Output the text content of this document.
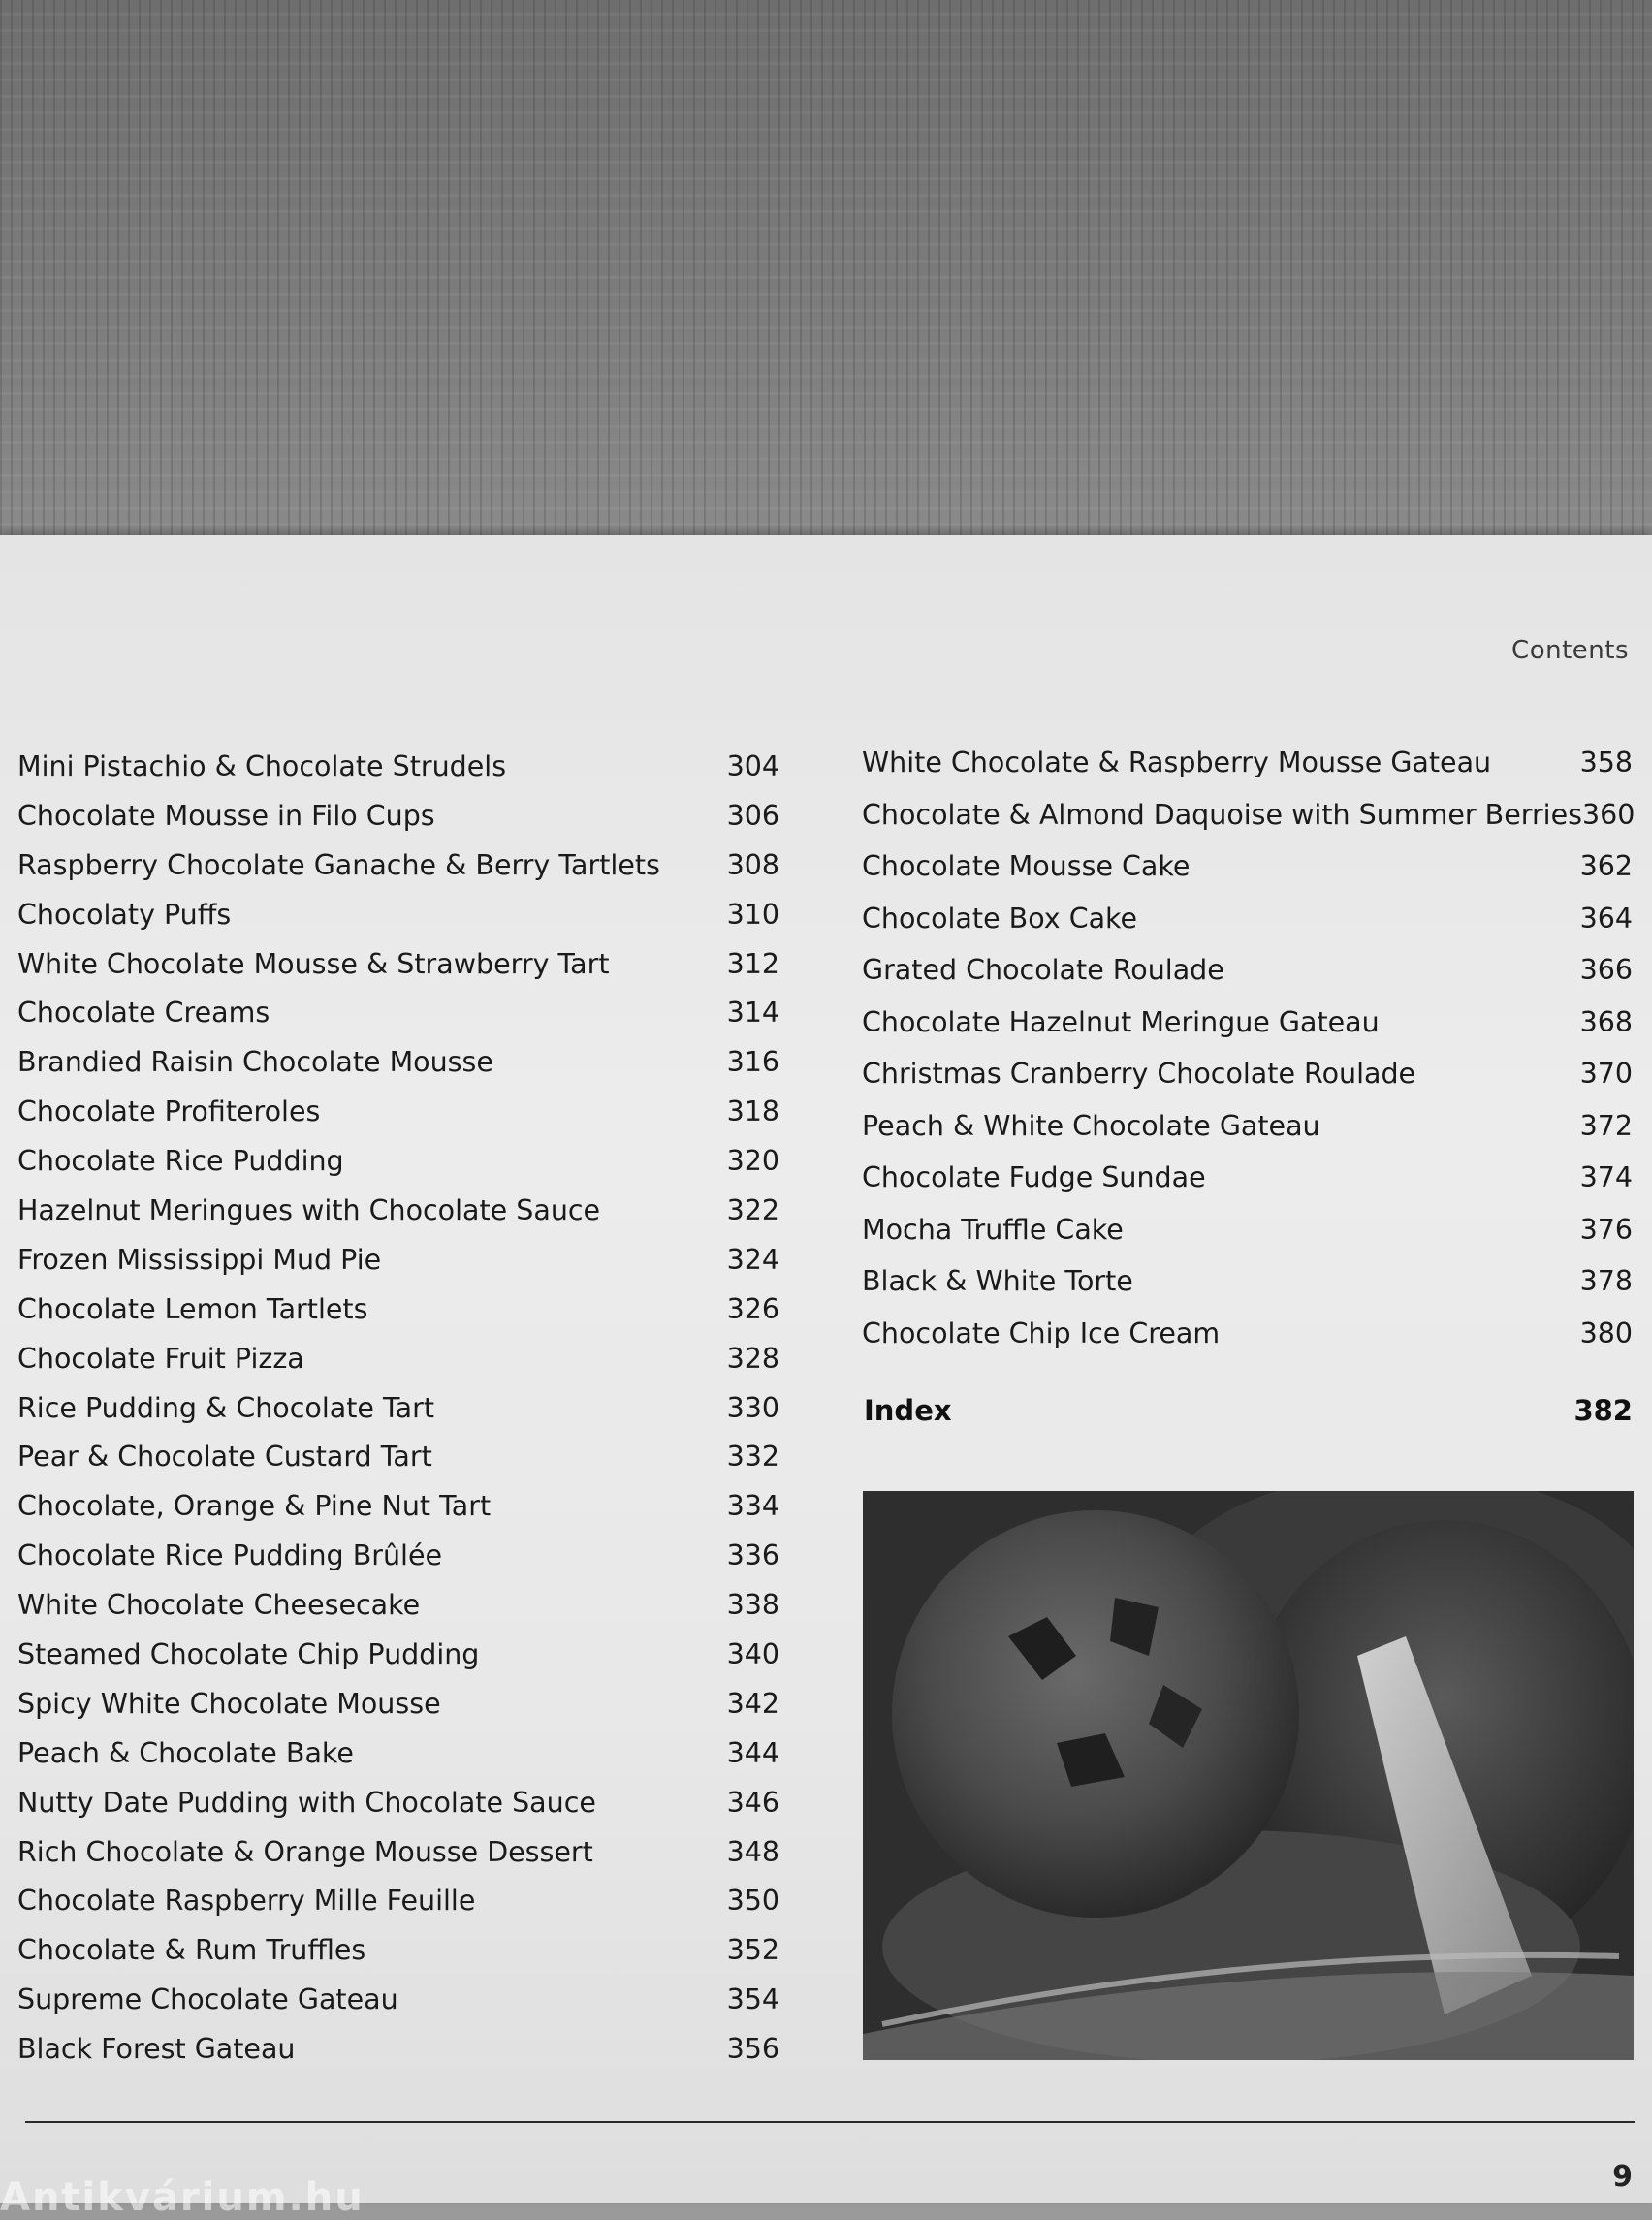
Contents
Mini Pistachio & Chocolate Strudels	304
Chocolate Mousse in Filo Cups	306
Raspberry Chocolate Ganache & Berry Tartlets 308
Chocolaty Puffs	310
White Chocolate Mousse & Strawberry Tart	312
Chocolate Creams	314
Brandied Raisin Chocolate Mousse	316
Chocolate Profiteroles	318
Chocolate Rice Pudding	320
Hazelnut Meringues with Chocolate Sauce	322
Frozen Mississippi Mud Pie	324
Chocolate Lemon Tartlets	326
Chocolate Fruit Pizza	328
Rice Pudding & Chocolate Tart	330
Pear & Chocolate Custard Tart	332
Chocolate, Orange & Pine Nut Tart	334
Chocolate Rice Pudding Brûlée	336
White Chocolate Cheesecake	338
Steamed Chocolate Chip Pudding	340
Spicy White Chocolate Mousse	342
Peach & Chocolate Bake	344
Nutty Date Pudding with Chocolate Sauce	346
Rich Chocolate & Orange Mousse Dessert	348
Chocolate Raspberry Mille Feuille	350
Chocolate & Rum Truffles	352
Supreme Chocolate Gateau	354
Black Forest Gateau	356
White Chocolate & Raspberry Mousse Gateau	358
Chocolate & Almond Daquoise with Summer Berries 360
Chocolate Mousse Cake	362
Chocolate Box Cake	364
Grated Chocolate Roulade	366
Chocolate Hazelnut Meringue Gateau	368
Christmas Cranberry Chocolate Roulade	370
Peach & White Chocolate Gateau	372
Chocolate Fudge Sundae	374
Mocha Truffle Cake	376
Black & White Torte	378
Chocolate Chip Ice Cream	380
Index	382
9
Antikvárium.hu
